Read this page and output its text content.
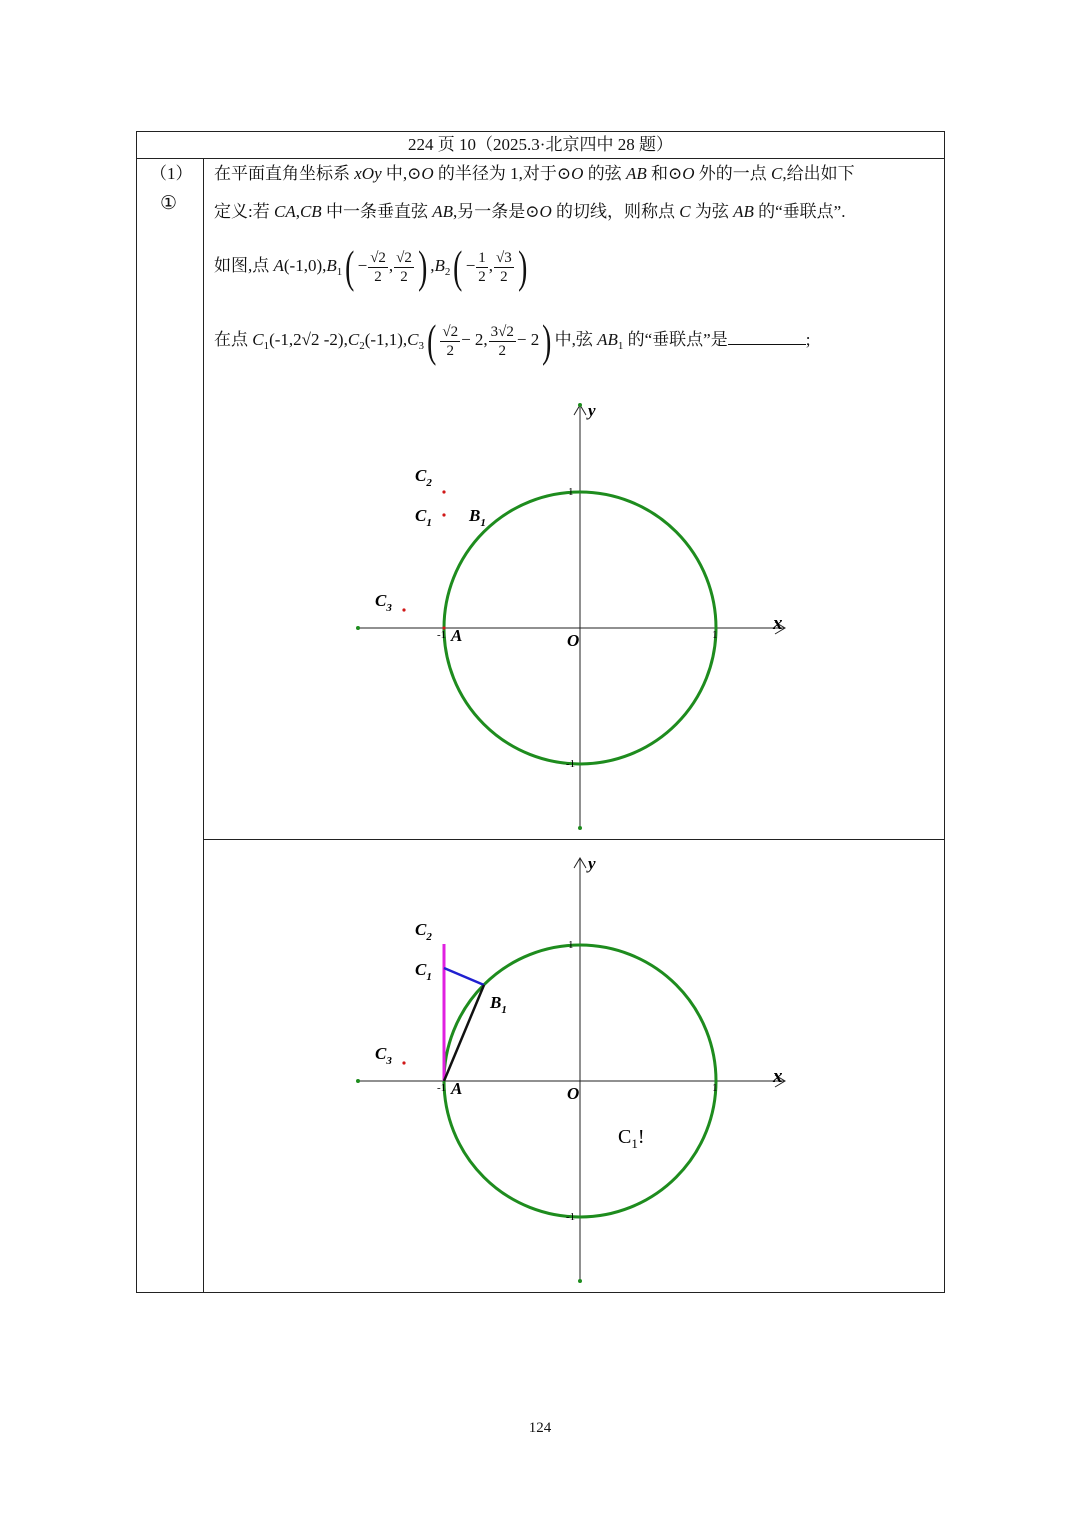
224 页 10（2025.3·北京四中 28 题）
（1）
①
在平面直角坐标系 xOy 中,⊙O 的半径为 1,对于⊙O 的弦 AB 和⊙O 外的一点 C,给出如下
定义:若 CA,CB 中一条垂直弦 AB,另一条是⊙O 的切线，则称点 C 为弦 AB 的“垂联点”.
如图,点 $A(-1,0),B_1( - \frac{√2}{2}$ , $\frac{√2}{2}$ ) $,B_2( - \frac{1}{2}$ , $\frac{√3}{2}$ )
在点 $C_1(-1,2√2$ $-2),C_2(-1,1),C_3( \frac{√2}{2} - 2$, $\frac{3√2}{2} - 2$) 中,弦 $AB_1$ 的“垂联点”是	;
y
x
O
1
-1
1
-1 A
$C_2$
$C_1$ $B_1$
$C_3$
y
x
O
1
-1
1
-1 A
$C_2$
$C_1$
$B_1$
$C_3$
$C_1$!
124
